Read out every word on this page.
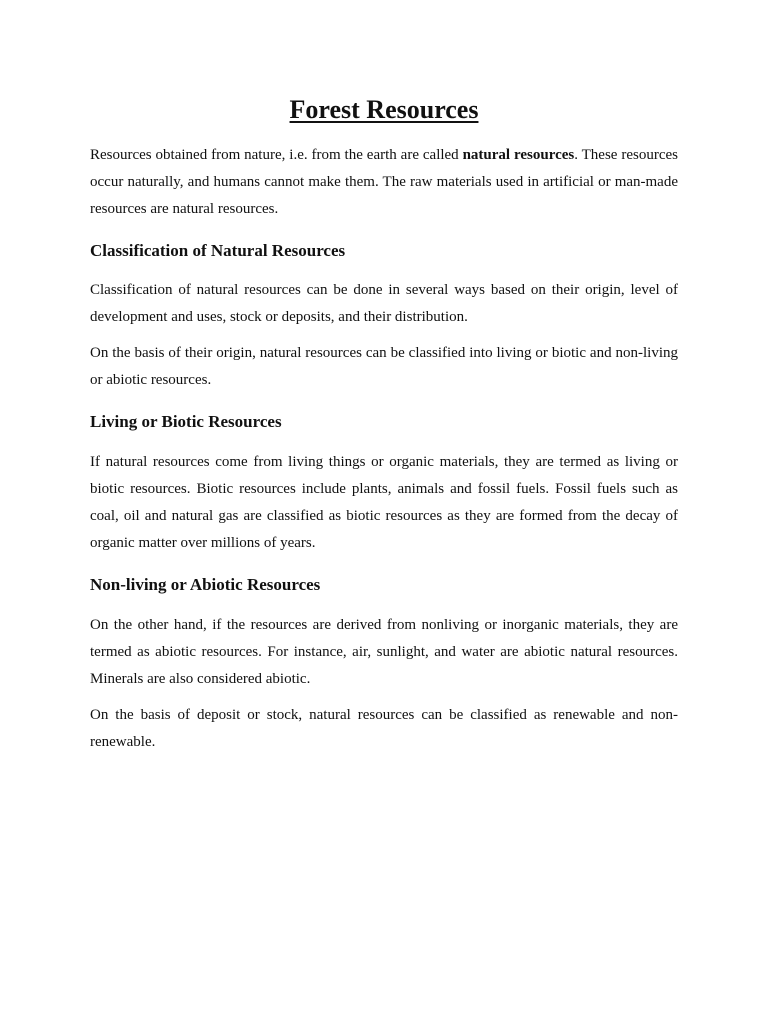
Forest Resources

Resources obtained from nature, i.e. from the earth are called natural resources. These resources occur naturally, and humans cannot make them. The raw materials used in artificial or man-made resources are natural resources.

Classification of Natural Resources

Classification of natural resources can be done in several ways based on their origin, level of development and uses, stock or deposits, and their distribution.

On the basis of their origin, natural resources can be classified into living or biotic and non-living or abiotic resources.

Living or Biotic Resources

If natural resources come from living things or organic materials, they are termed as living or biotic resources. Biotic resources include plants, animals and fossil fuels. Fossil fuels such as coal, oil and natural gas are classified as biotic resources as they are formed from the decay of organic matter over millions of years.

Non-living or Abiotic Resources

On the other hand, if the resources are derived from nonliving or inorganic materials, they are termed as abiotic resources. For instance, air, sunlight, and water are abiotic natural resources. Minerals are also considered abiotic.

On the basis of deposit or stock, natural resources can be classified as renewable and non-renewable.
